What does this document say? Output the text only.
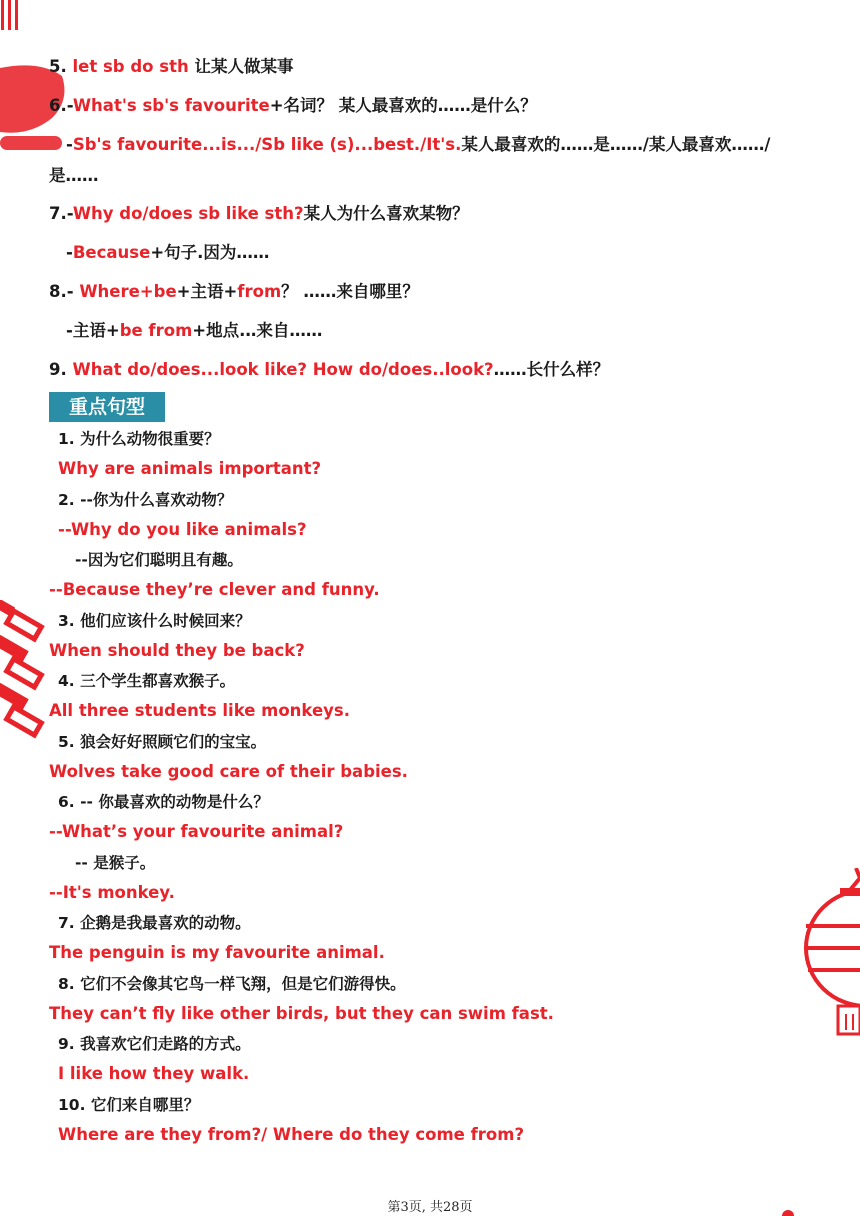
5. let sb do sth 让某人做某事
6.-What's sb's favourite+名词？ 某人最喜欢的……是什么？
-Sb's favourite...is.../Sb like (s)...best./It's.某人最喜欢的……是……/某人最喜欢……/
是……
7.-Why do/does sb like sth?某人为什么喜欢某物？
-Because+句子.因为……
8.- Where+be+主语+from？ ……来自哪里？
-主语+be from+地点.‥来自……
9. What do/does...look like? How do/does..look?……长什么样？
重点句型
1. 为什么动物很重要？
Why are animals important?
2. --你为什么喜欢动物？
--Why do you like animals?
--因为它们聪明且有趣。
--Because they’re clever and funny.
3. 他们应该什么时候回来？
When should they be back?
4. 三个学生都喜欢猴子。
All three students like monkeys.
5. 狼会好好照顾它们的宝宝。
Wolves take good care of their babies.
6. -- 你最喜欢的动物是什么？
--What’s your favourite animal?
-- 是猴子。
--It's monkey.
7. 企鹅是我最喜欢的动物。
The penguin is my favourite animal.
8. 它们不会像其它鸟一样飞翔，但是它们游得快。
They can’t fly like other birds, but they can swim fast.
9. 我喜欢它们走路的方式。
I like how they walk.
10. 它们来自哪里？
Where are they from?/ Where do they come from?
第3页, 共28页
